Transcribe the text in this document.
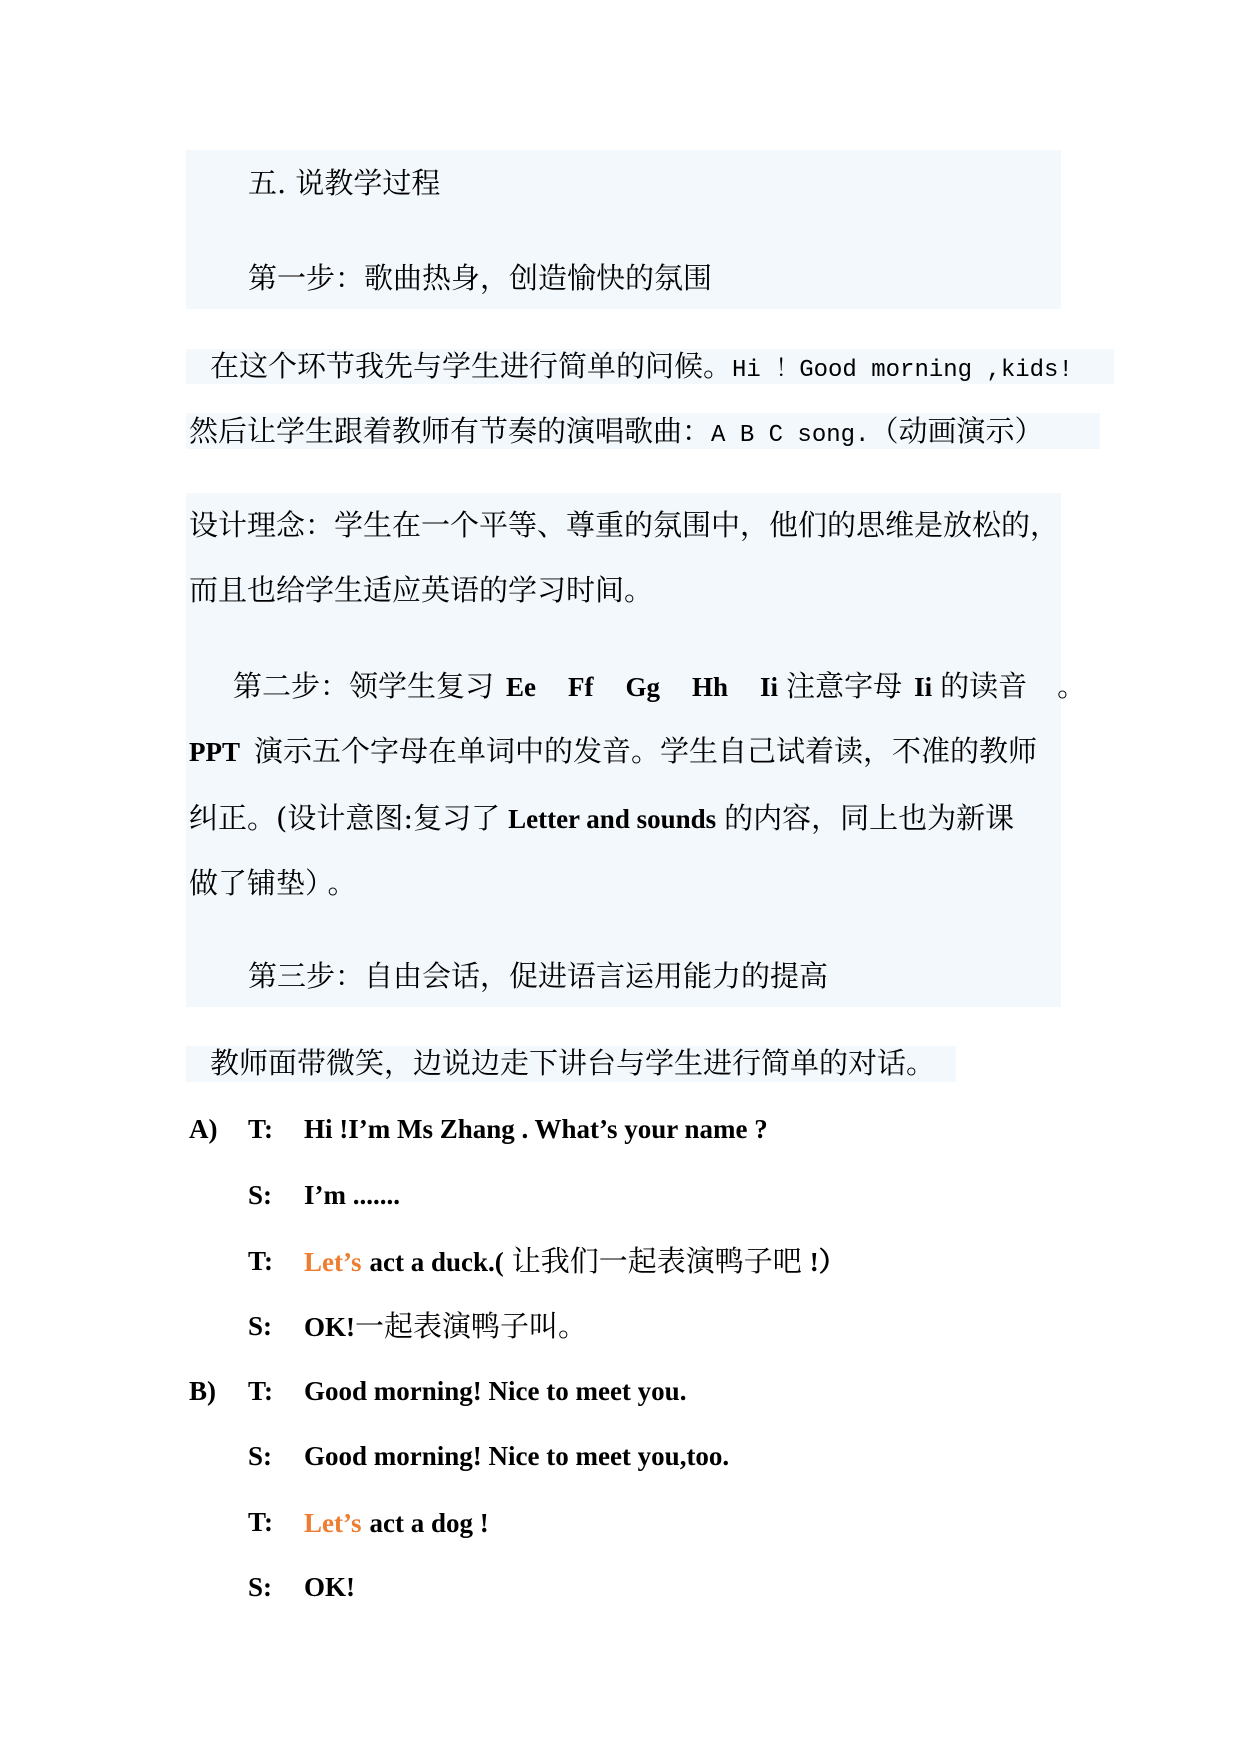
五. 说教学过程
第一步：歌曲热身，创造愉快的氛围
在这个环节我先与学生进行简单的问候。Hi ！Good morning ,kids!
然后让学生跟着教师有节奏的演唱歌曲：A B C song.（动画演示）
设计理念：学生在一个平等、尊重的氛围中，他们的思维是放松的，
而且也给学生适应英语的学习时间。
第二步：领学生复习 Ee Ff Gg Hh Ii 注意字母 Ii 的读音 。
PPT 演示五个字母在单词中的发音。学生自己试着读，不准的教师
纠正。(设计意图:复习了 Letter and sounds 的内容，同上也为新课
做了铺垫） 。
第三步：自由会话，促进语言运用能力的提高
教师面带微笑，边说边走下讲台与学生进行简单的对话。
A) T: Hi !I’m Ms Zhang . What’s your name ?
S: I’m .......
T: Let’s act a duck.( 让我们一起表演鸭子吧 !）
S: OK!一起表演鸭子叫。
B) T: Good morning! Nice to meet you.
S: Good morning! Nice to meet you,too.
T: Let’s act a dog !
S: OK!
